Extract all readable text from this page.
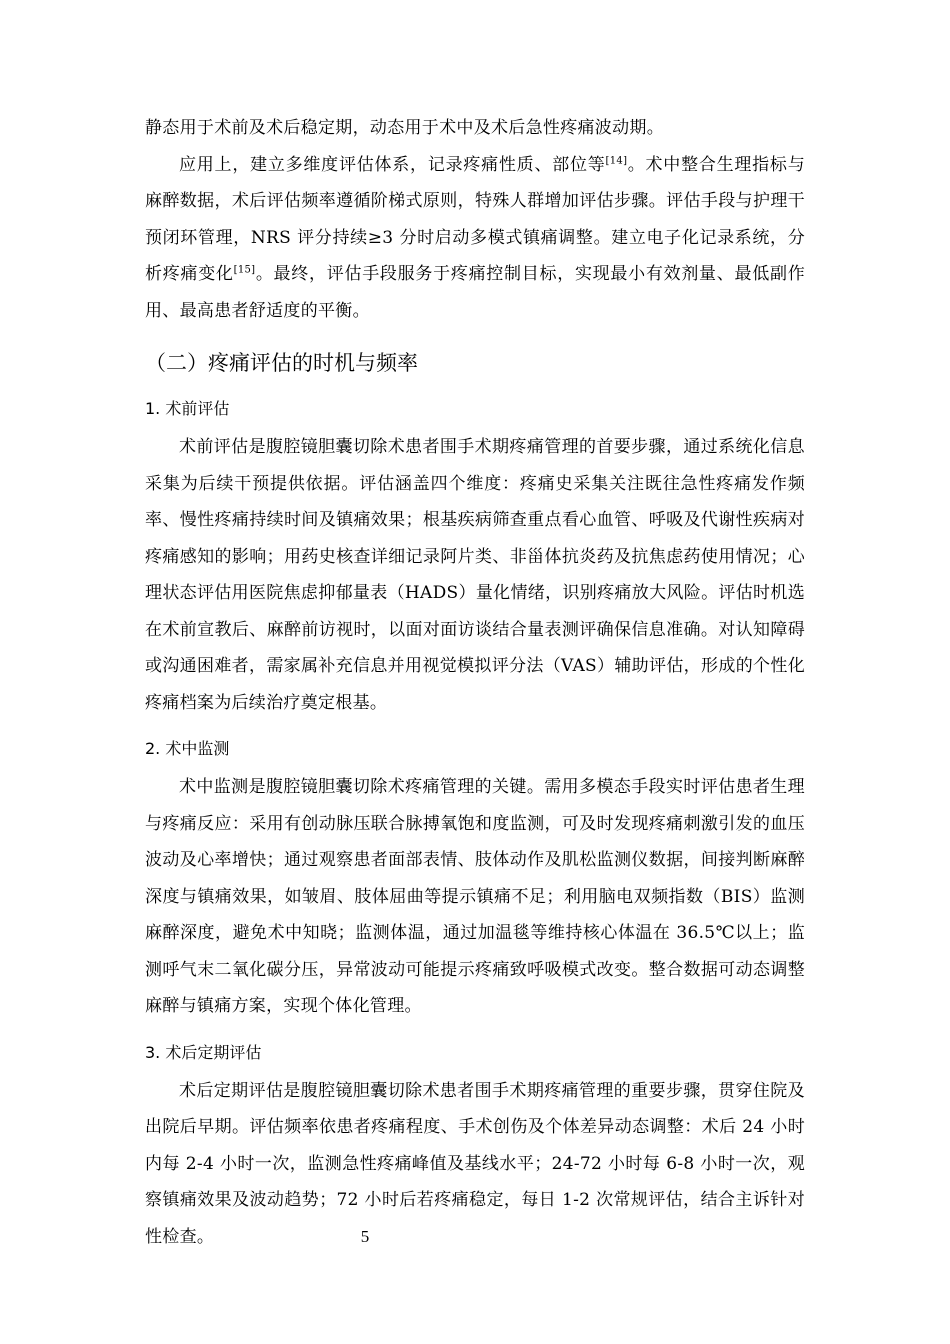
静态用于术前及术后稳定期，动态用于术中及术后急性疼痛波动期。

应用上，建立多维度评估体系，记录疼痛性质、部位等[14]。术中整合生理指标与麻醉数据，术后评估频率遵循阶梯式原则，特殊人群增加评估步骤。评估手段与护理干预闭环管理，NRS 评分持续≥3 分时启动多模式镇痛调整。建立电子化记录系统，分析疼痛变化[15]。最终，评估手段服务于疼痛控制目标，实现最小有效剂量、最低副作用、最高患者舒适度的平衡。

（二）疼痛评估的时机与频率
1. 术前评估

术前评估是腹腔镜胆囊切除术患者围手术期疼痛管理的首要步骤，通过系统化信息采集为后续干预提供依据。评估涵盖四个维度：疼痛史采集关注既往急性疼痛发作频率、慢性疼痛持续时间及镇痛效果；根基疾病筛查重点看心血管、呼吸及代谢性疾病对疼痛感知的影响；用药史核查详细记录阿片类、非甾体抗炎药及抗焦虑药使用情况；心理状态评估用医院焦虑抑郁量表（HADS）量化情绪，识别疼痛放大风险。评估时机选在术前宣教后、麻醉前访视时，以面对面访谈结合量表测评确保信息准确。对认知障碍或沟通困难者，需家属补充信息并用视觉模拟评分法（VAS）辅助评估，形成的个性化疼痛档案为后续治疗奠定根基。

2. 术中监测

术中监测是腹腔镜胆囊切除术疼痛管理的关键。需用多模态手段实时评估患者生理与疼痛反应：采用有创动脉压联合脉搏氧饱和度监测，可及时发现疼痛刺激引发的血压波动及心率增快；通过观察患者面部表情、肢体动作及肌松监测仪数据，间接判断麻醉深度与镇痛效果，如皱眉、肢体屈曲等提示镇痛不足；利用脑电双频指数（BIS）监测麻醉深度，避免术中知晓；监测体温，通过加温毯等维持核心体温在 36.5℃以上；监测呼气末二氧化碳分压，异常波动可能提示疼痛致呼吸模式改变。整合数据可动态调整麻醉与镇痛方案，实现个体化管理。

3. 术后定期评估

术后定期评估是腹腔镜胆囊切除术患者围手术期疼痛管理的重要步骤，贯穿住院及出院后早期。评估频率依患者疼痛程度、手术创伤及个体差异动态调整：术后 24 小时内每 2-4 小时一次，监测急性疼痛峰值及基线水平；24-72 小时每 6-8 小时一次，观察镇痛效果及波动趋势；72 小时后若疼痛稳定，每日 1-2 次常规评估，结合主诉针对性检查。	5
